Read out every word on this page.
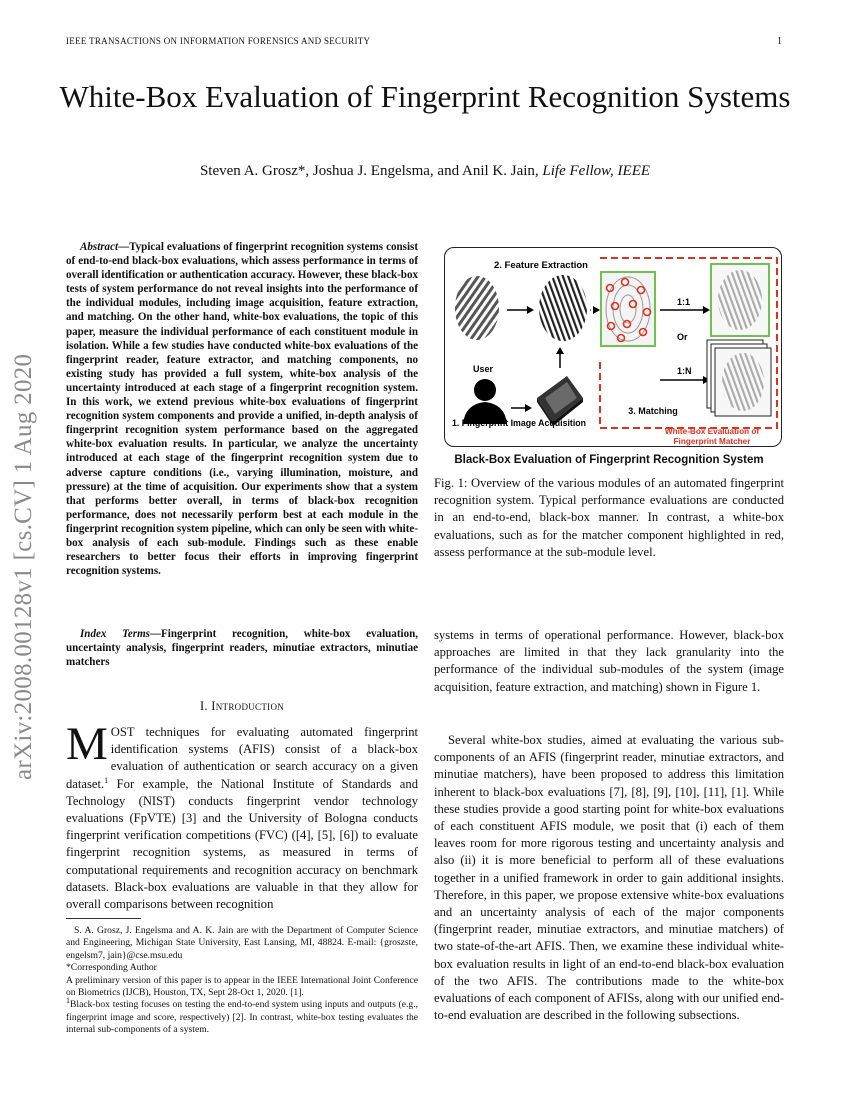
IEEE TRANSACTIONS ON INFORMATION FORENSICS AND SECURITY	1
White-Box Evaluation of Fingerprint Recognition Systems
Steven A. Grosz*, Joshua J. Engelsma, and Anil K. Jain, Life Fellow, IEEE
arXiv:2008.00128v1 [cs.CV] 1 Aug 2020

Abstract—Typical evaluations of fingerprint recognition systems consist of end-to-end black-box evaluations, which assess performance in terms of overall identification or authentication accuracy. However, these black-box tests of system performance do not reveal insights into the performance of the individual modules, including image acquisition, feature extraction, and matching. On the other hand, white-box evaluations, the topic of this paper, measure the individual performance of each constituent module in isolation. While a few studies have conducted white-box evaluations of the fingerprint reader, feature extractor, and matching components, no existing study has provided a full system, white-box analysis of the uncertainty introduced at each stage of a fingerprint recognition system. In this work, we extend previous white-box evaluations of fingerprint recognition system components and provide a unified, in-depth analysis of fingerprint recognition system performance based on the aggregated white-box evaluation results. In particular, we analyze the uncertainty introduced at each stage of the fingerprint recognition system due to adverse capture conditions (i.e., varying illumination, moisture, and pressure) at the time of acquisition. Our experiments show that a system that performs better overall, in terms of black-box recognition performance, does not necessarily perform best at each module in the fingerprint recognition system pipeline, which can only be seen with white-box analysis of each sub-module. Findings such as these enable researchers to better focus their efforts in improving fingerprint recognition systems.

Index Terms—Fingerprint recognition, white-box evaluation, uncertainty analysis, fingerprint readers, minutiae extractors, minutiae matchers

I. Introduction

MOST techniques for evaluating automated fingerprint identification systems (AFIS) consist of a black-box evaluation of authentication or search accuracy on a given dataset.$^1$ For example, the National Institute of Standards and Technology (NIST) conducts fingerprint vendor technology evaluations (FpVTE) [3] and the University of Bologna conducts fingerprint verification competitions (FVC) ([4], [5], [6]) to evaluate fingerprint recognition systems, as measured in terms of computational requirements and recognition accuracy on benchmark datasets. Black-box evaluations are valuable in that they allow for overall comparisons between recognition

S. A. Grosz, J. Engelsma and A. K. Jain are with the Department of Computer Science and Engineering, Michigan State University, East Lansing, MI, 48824. E-mail: {groszste, engelsm7, jain}@cse.msu.edu

*Corresponding Author

A preliminary version of this paper is to appear in the IEEE International Joint Conference on Biometrics (IJCB), Houston, TX, Sept 28-Oct 1, 2020. [1].

$^1$Black-box testing focuses on testing the end-to-end system using inputs and outputs (e.g., fingerprint image and score, respectively) [2]. In contrast, white-box testing evaluates the internal sub-components of a system.

2. Feature Extraction
1:1
Or
1:N
3. Matching
White-Box Evaluation of
Fingerprint Matcher
User
1. Fingerprint Image Acquisition
Black-Box Evaluation of Fingerprint Recognition System

Fig. 1: Overview of the various modules of an automated fingerprint recognition system. Typical performance evaluations are conducted in an end-to-end, black-box manner. In contrast, a white-box evaluations, such as for the matcher component highlighted in red, assess performance at the sub-module level.

systems in terms of operational performance. However, black-box approaches are limited in that they lack granularity into the performance of the individual sub-modules of the system (image acquisition, feature extraction, and matching) shown in Figure 1.

Several white-box studies, aimed at evaluating the various sub-components of an AFIS (fingerprint reader, minutiae extractors, and minutiae matchers), have been proposed to address this limitation inherent to black-box evaluations [7], [8], [9], [10], [11], [1]. While these studies provide a good starting point for white-box evaluations of each constituent AFIS module, we posit that (i) each of them leaves room for more rigorous testing and uncertainty analysis and also (ii) it is more beneficial to perform all of these evaluations together in a unified framework in order to gain additional insights. Therefore, in this paper, we propose extensive white-box evaluations and an uncertainty analysis of each of the major components (fingerprint reader, minutiae extractors, and minutiae matchers) of two state-of-the-art AFIS. Then, we examine these individual white-box evaluation results in light of an end-to-end black-box evaluation of the two AFIS. The contributions made to the white-box evaluations of each component of AFISs, along with our unified end-to-end evaluation are described in the following subsections.
